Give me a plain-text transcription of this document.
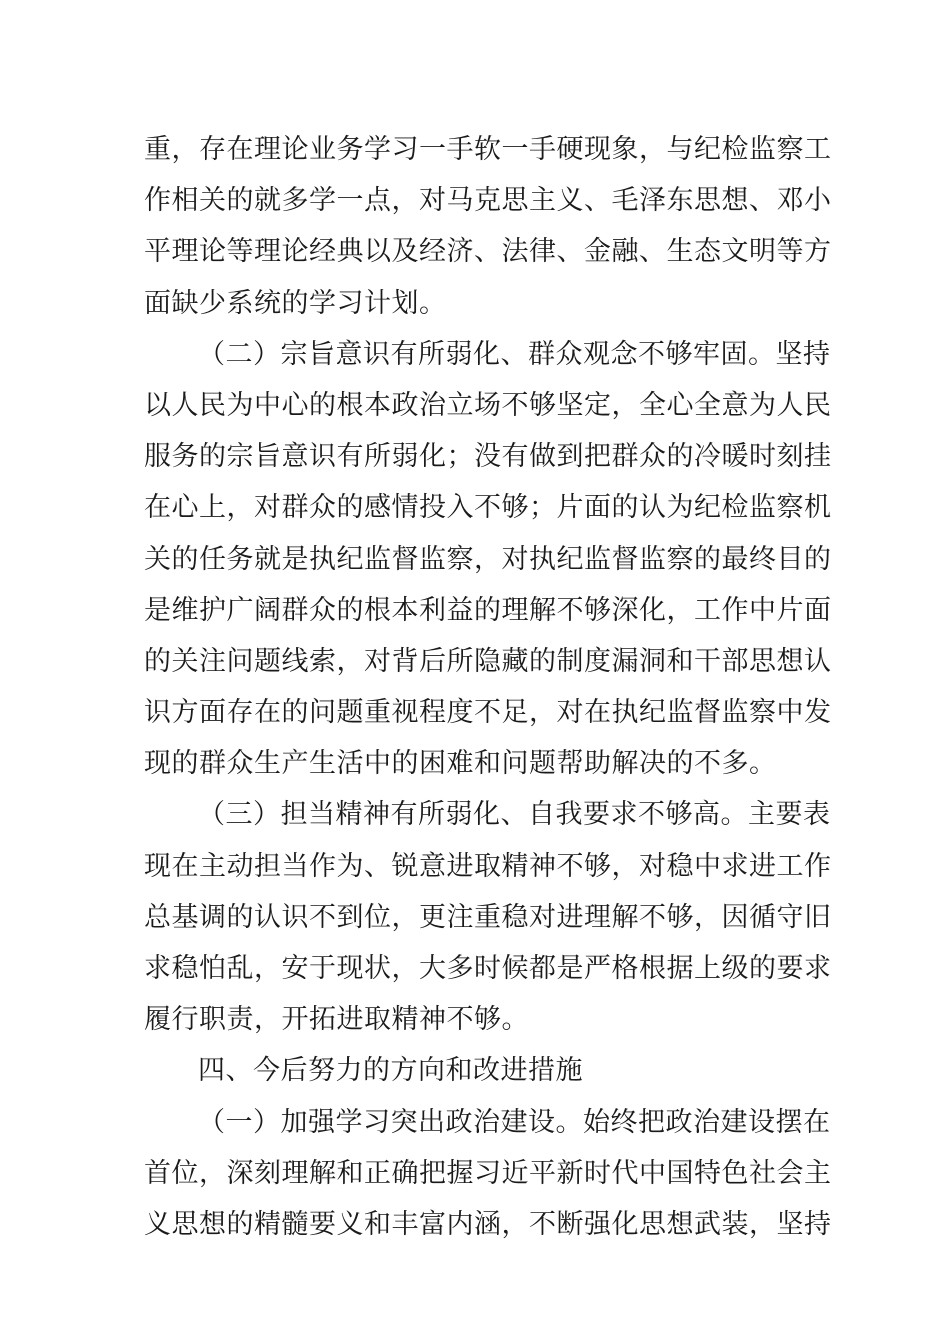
重，存在理论业务学习一手软一手硬现象，与纪检监察工
作相关的就多学一点，对马克思主义、毛泽东思想、邓小
平理论等理论经典以及经济、法律、金融、生态文明等方
面缺少系统的学习计划。
（二）宗旨意识有所弱化、群众观念不够牢固。坚持
以人民为中心的根本政治立场不够坚定，全心全意为人民
服务的宗旨意识有所弱化；没有做到把群众的冷暖时刻挂
在心上，对群众的感情投入不够；片面的认为纪检监察机
关的任务就是执纪监督监察，对执纪监督监察的最终目的
是维护广阔群众的根本利益的理解不够深化，工作中片面
的关注问题线索，对背后所隐藏的制度漏洞和干部思想认
识方面存在的问题重视程度不足，对在执纪监督监察中发
现的群众生产生活中的困难和问题帮助解决的不多。
（三）担当精神有所弱化、自我要求不够高。主要表
现在主动担当作为、锐意进取精神不够，对稳中求进工作
总基调的认识不到位，更注重稳对进理解不够，因循守旧
求稳怕乱，安于现状，大多时候都是严格根据上级的要求
履行职责，开拓进取精神不够。
四、今后努力的方向和改进措施
（一）加强学习突出政治建设。始终把政治建设摆在
首位，深刻理解和正确把握习近平新时代中国特色社会主
义思想的精髓要义和丰富内涵，不断强化思想武装，坚持
